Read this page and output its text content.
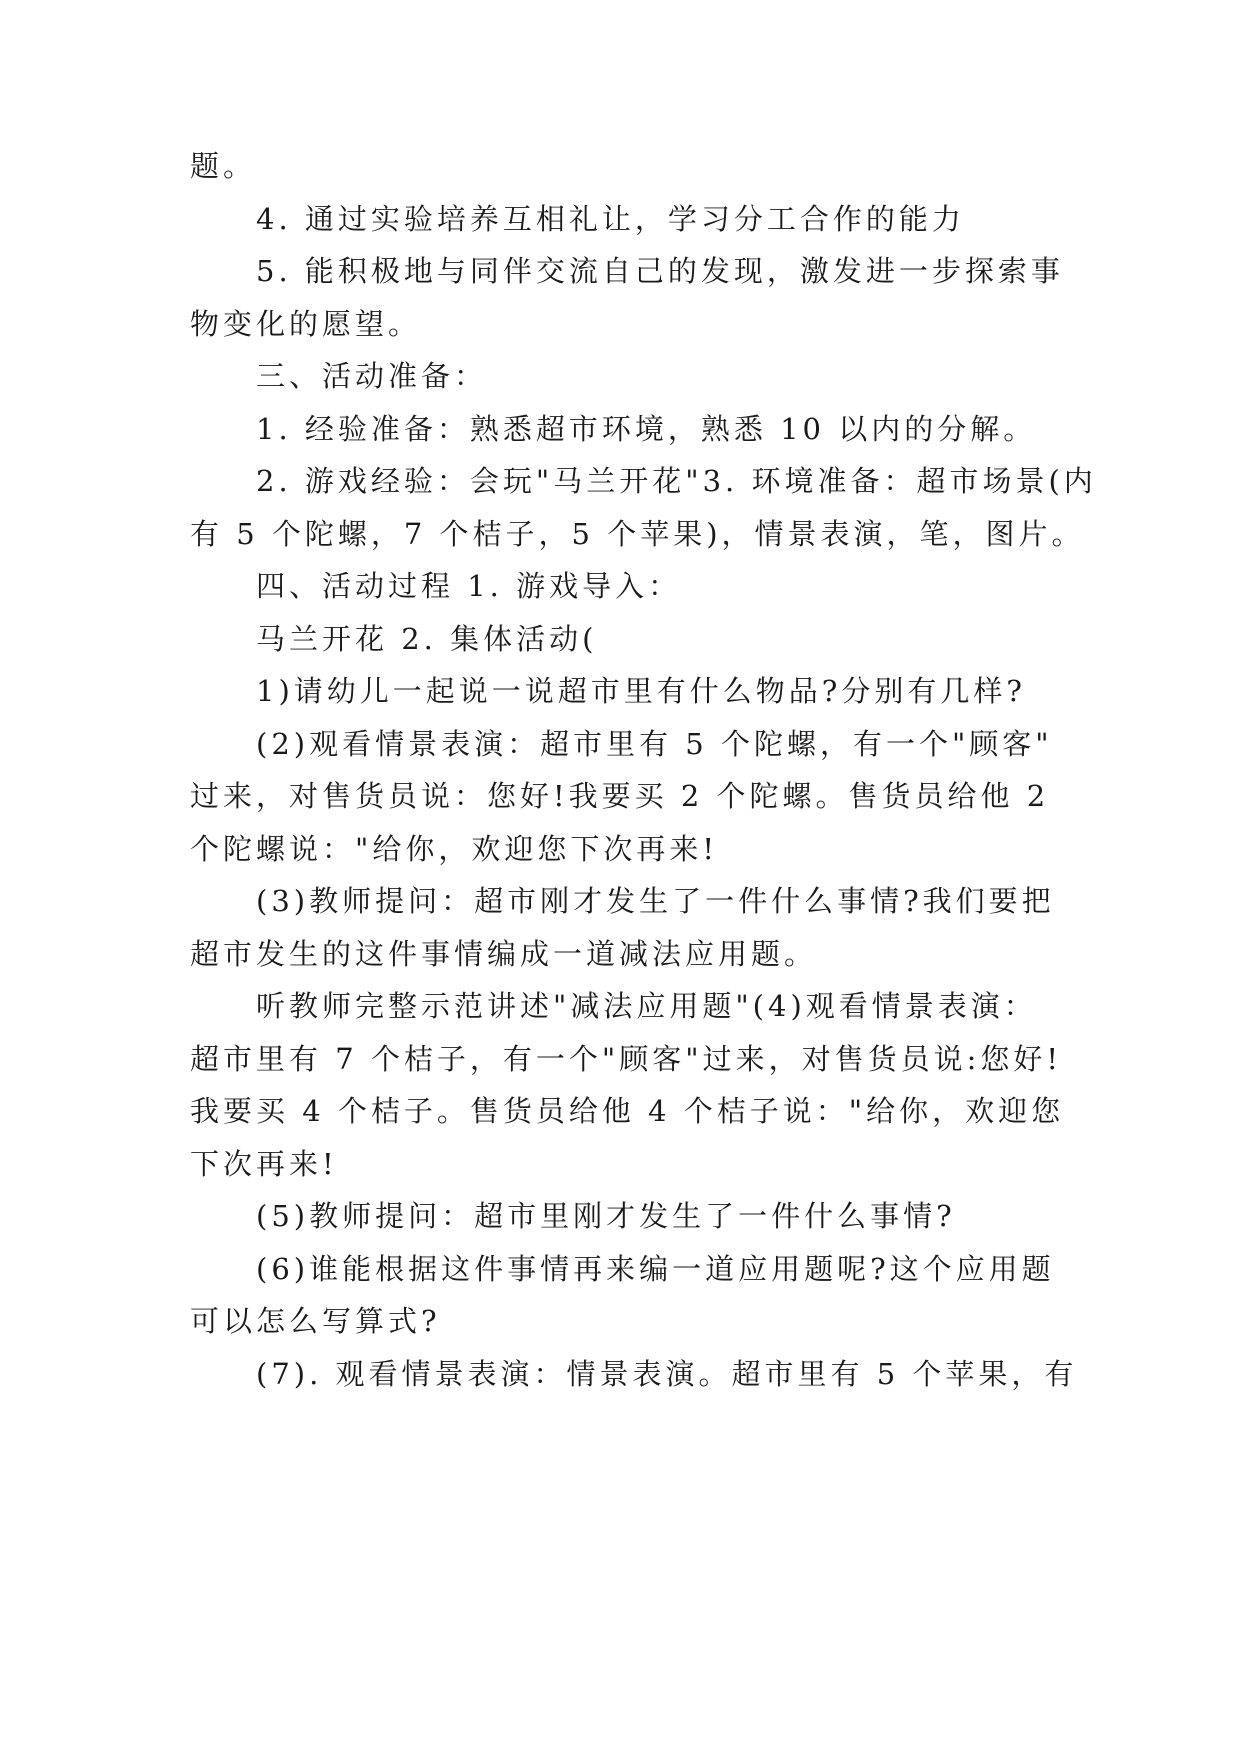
题。

4. 通过实验培养互相礼让，学习分工合作的能力

5. 能积极地与同伴交流自己的发现，激发进一步探索事

物变化的愿望。

三、活动准备：

1. 经验准备：熟悉超市环境，熟悉 10 以内的分解。

2. 游戏经验：会玩"马兰开花"3. 环境准备：超市场景(内

有 5 个陀螺，7 个桔子，5 个苹果)，情景表演，笔，图片。

四、活动过程 1. 游戏导入：

马兰开花 2. 集体活动(

1)请幼儿一起说一说超市里有什么物品?分别有几样?

(2)观看情景表演：超市里有 5 个陀螺，有一个"顾客"

过来，对售货员说：您好!我要买 2 个陀螺。售货员给他 2

个陀螺说："给你，欢迎您下次再来!

(3)教师提问：超市刚才发生了一件什么事情?我们要把

超市发生的这件事情编成一道减法应用题。

听教师完整示范讲述"减法应用题"(4)观看情景表演：

超市里有 7 个桔子，有一个"顾客"过来，对售货员说:您好!

我要买 4 个桔子。售货员给他 4 个桔子说："给你，欢迎您

下次再来!

(5)教师提问：超市里刚才发生了一件什么事情?

(6)谁能根据这件事情再来编一道应用题呢?这个应用题

可以怎么写算式?

(7). 观看情景表演：情景表演。超市里有 5 个苹果，有
